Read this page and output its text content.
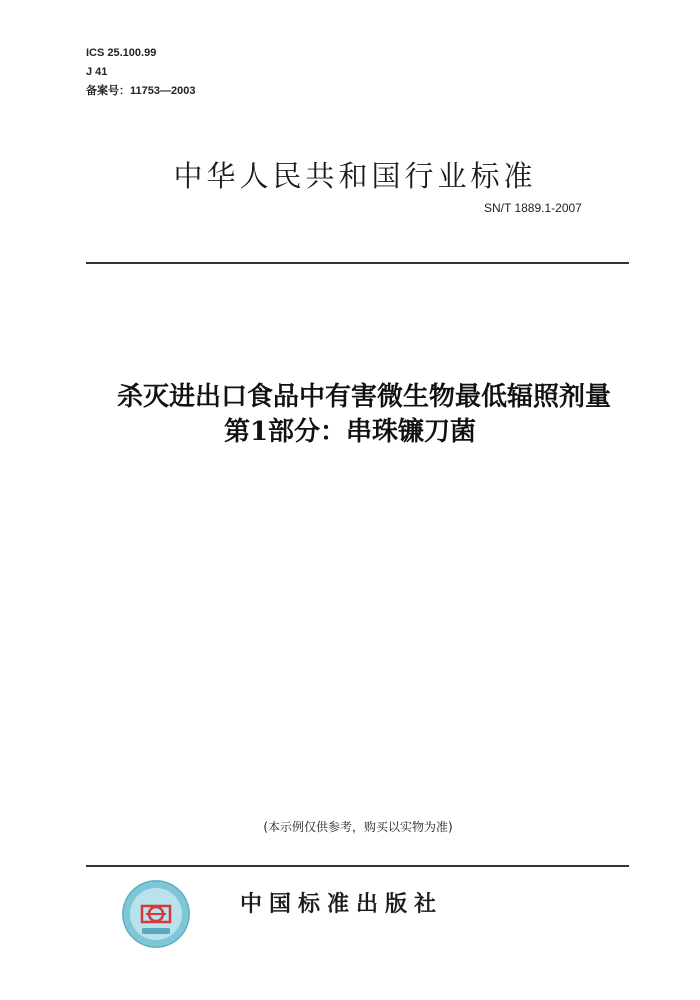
ICS 25.100.99
J 41
备案号：11753—2003
中华人民共和国行业标准
SN/T 1889.1-2007
杀灭进出口食品中有害微生物最低辐照剂量
第1部分：串珠镰刀菌
(本示例仅供参考，购买以实物为准)
中国标准出版社
